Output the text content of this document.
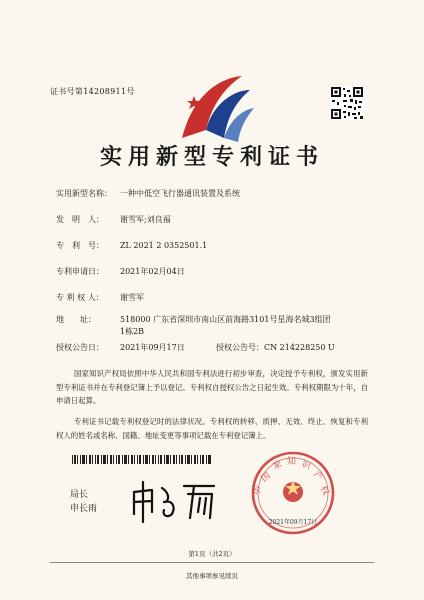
证书号第14208911号
实用新型专利证书
实用新型名称： 一种中低空飞行器通讯装置及系统
发　明　人： 谢雪军;刘良福
专　利　号： ZL 2021 2 0352501.1
专利申请日： 2021年02月04日
专 利 权 人： 谢雪军
地　　址：	518000 广东省深圳市南山区前海路3101号星海名城3组团
1栋2B
授权公告日： 2021年09月17日	授权公告号：CN 214228250 U
国家知识产权局依照中华人民共和国专利法进行初步审查，决定授予专利权，颁发实用新型专利证书并在专利登记簿上予以登记。专利权自授权公告之日起生效。专利权期限为十年，自申请日起算。
专利证书记载专利权登记时的法律状况。专利权的转移、质押、无效、终止、恢复和专利权人的姓名或名称、国籍、地址变更等事项记载在专利登记簿上。
局长
申长雨
国
家 知 识
产
权
中
2021年09月17日
第1页（共2页）
其他事项参见续页
